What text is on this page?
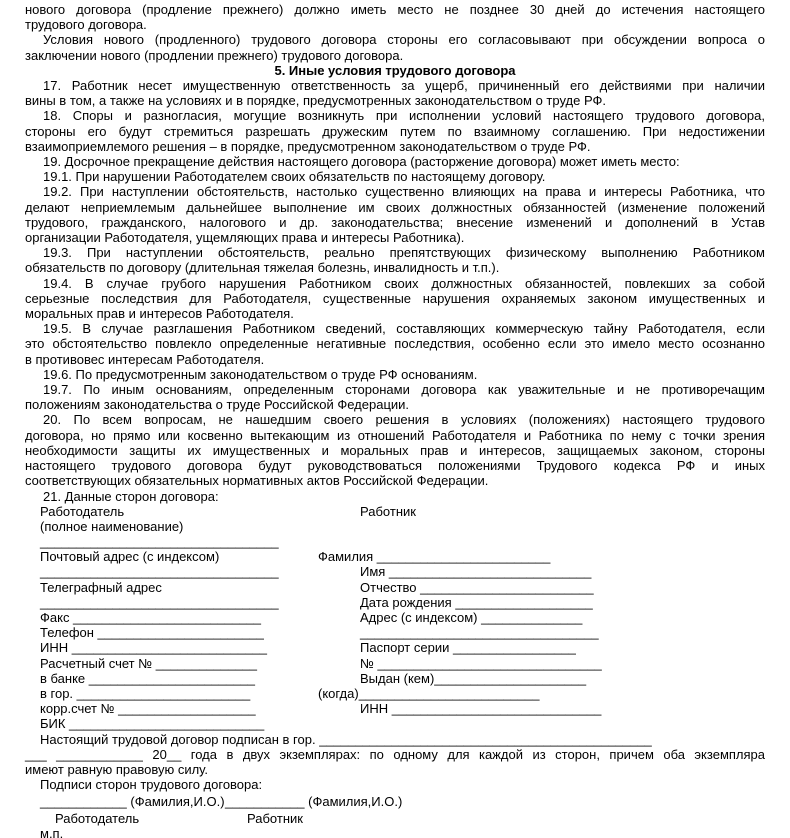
нового договора (продление прежнего) должно иметь место не позднее 30 дней до истечения настоящего
трудового договора.
Условия нового (продленного) трудового договора стороны его согласовывают при обсуждении вопроса о
заключении нового (продлении прежнего) трудового договора.
5. Иные условия трудового договора
17. Работник несет имущественную ответственность за ущерб, причиненный его действиями при наличии
вины в том, а также на условиях и в порядке, предусмотренных законодательством о труде РФ.
18. Споры и разногласия, могущие возникнуть при исполнении условий настоящего трудового договора,
стороны его будут стремиться разрешать дружеским путем по взаимному соглашению. При недостижении
взаимоприемлемого решения – в порядке, предусмотренном законодательством о труде РФ.
19. Досрочное прекращение действия настоящего договора (расторжение договора) может иметь место:
19.1. При нарушении Работодателем своих обязательств по настоящему договору.
19.2. При наступлении обстоятельств, настолько существенно влияющих на права и интересы Работника, что
делают неприемлемым дальнейшее выполнение им своих должностных обязанностей (изменение положений
трудового, гражданского, налогового и др. законодательства; внесение изменений и дополнений в Устав
организации Работодателя, ущемляющих права и интересы Работника).
19.3. При наступлении обстоятельств, реально препятствующих физическому выполнению Работником
обязательств по договору (длительная тяжелая болезнь, инвалидность и т.п.).
19.4. В случае грубого нарушения Работником своих должностных обязанностей, повлекших за собой
серьезные последствия для Работодателя, существенные нарушения охраняемых законом имущественных и
моральных прав и интересов Работодателя.
19.5. В случае разглашения Работником сведений, составляющих коммерческую тайну Работодателя, если
это обстоятельство повлекло определенные негативные последствия, особенно если это имело место осознанно
в противовес интересам Работодателя.
19.6. По предусмотренным законодательством о труде РФ основаниям.
19.7. По иным основаниям, определенным сторонами договора как уважительные и не противоречащим
положениям законодательства о труде Российской Федерации.
20. По всем вопросам, не нашедшим своего решения в условиях (положениях) настоящего трудового
договора, но прямо или косвенно вытекающим из отношений Работодателя и Работника по нему с точки зрения
необходимости защиты их имущественных и моральных прав и интересов, защищаемых законом, стороны
настоящего трудового договора будут руководствоваться положениями Трудового кодекса РФ и иных
соответствующих обязательных нормативных актов Российской Федерации.
21. Данные сторон договора:
Работодатель	Работник
(полное наименование)
_________________________________
Почтовый адрес (с индексом)	Фамилия ________________________
_________________________________	Имя ____________________________
Телеграфный адрес	Отчество ________________________
_________________________________	Дата рождения ___________________
Факс __________________________	Адрес (с индексом) ______________
Телефон _______________________	_________________________________
ИНН ___________________________	Паспорт серии _________________
Расчетный счет № ______________	№ _______________________________
в банке _______________________	Выдан (кем)_____________________
в гор. ________________________	(когда)_________________________
корр.счет № ___________________	ИНН _____________________________
БИК ___________________________
Настоящий трудовой договор подписан в гор. ______________________________________________
___ ____________ 20__ года в двух экземплярах: по одному для каждой из сторон, причем оба экземпляра
имеют равную правовую силу.
Подписи сторон трудового договора:
____________ (Фамилия,И.О.) ___________ (Фамилия,И.О.)
Работодатель	Работник
м.п.
